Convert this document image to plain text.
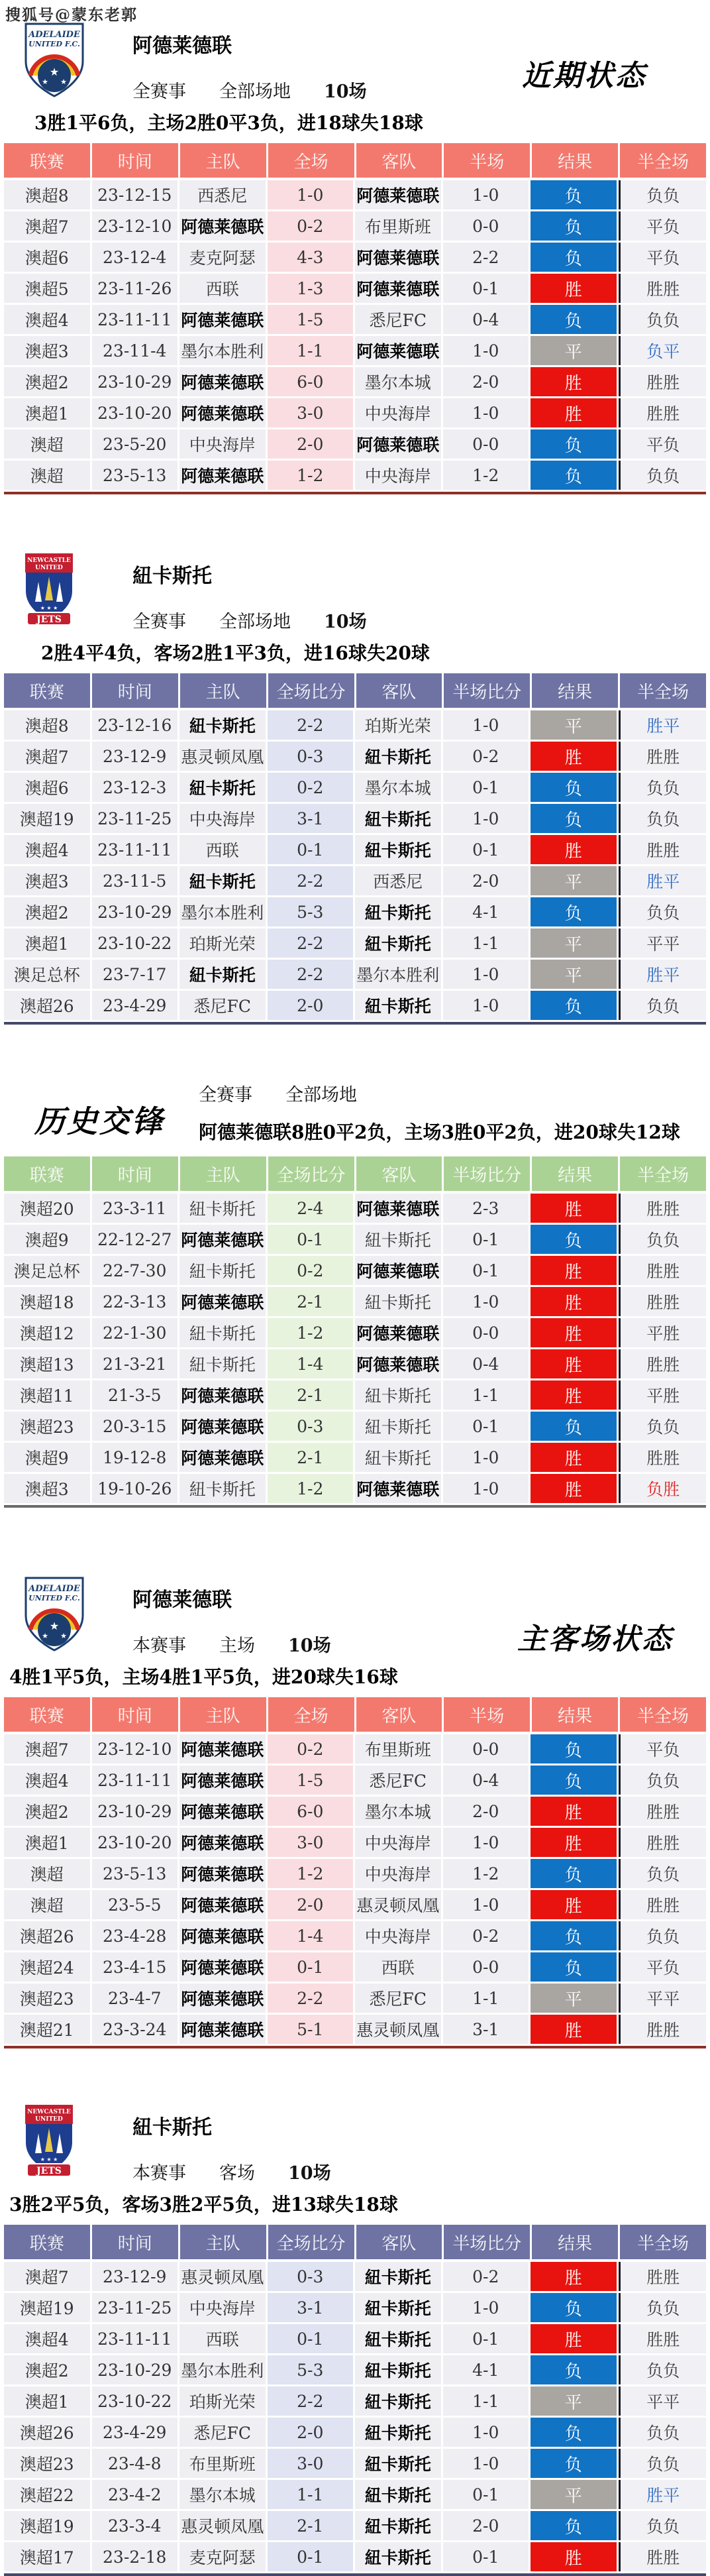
搜狐号@蒙东老郭
ADELAIDE
UNITED F.C.
★
★ ★
阿德莱德联
全赛事 全部场地 10场	近期状态
3胜1平6负，主场2胜0平3负，进18球失18球
联赛	时间	主队	全场	客队	半场	结果	半全场
澳超8	23-12-15	西悉尼	1-0	阿德莱德联	1-0	负	负负
澳超7	23-12-10 阿德莱德联	0-2	布里斯班	0-0	负	平负
澳超6	23-12-4	麦克阿瑟	4-3	阿德莱德联	2-2	负	平负
澳超5	23-11-26	西联	1-3	阿德莱德联	0-1	胜	胜胜
澳超4	23-11-11 阿德莱德联	1-5	悉尼FC	0-4	负	负负
澳超3	23-11-4 墨尔本胜利	1-1	阿德莱德联	1-0	平	负平
澳超2	23-10-29 阿德莱德联	6-0	墨尔本城	2-0	胜	胜胜
澳超1	23-10-20 阿德莱德联	3-0	中央海岸	1-0	胜	胜胜
澳超	23-5-20	中央海岸	2-0	阿德莱德联	0-0	负	平负
澳超	23-5-13 阿德莱德联	1-2	中央海岸	1-2	负	负负
NEWCASTLE
UNITED
★ ★ ★
JETS
紐卡斯托
全赛事 全部场地 10场
2胜4平4负，客场2胜1平3负，进16球失20球
联赛	时间	主队	全场比分	客队	半场比分	结果	半全场
澳超8	23-12-16	紐卡斯托	2-2	珀斯光荣	1-0	平	胜平
澳超7	23-12-9 惠灵顿凤凰	0-3	紐卡斯托	0-2	胜	胜胜
澳超6	23-12-3	紐卡斯托	0-2	墨尔本城	0-1	负	负负
澳超19	23-11-25	中央海岸	3-1	紐卡斯托	1-0	负	负负
澳超4	23-11-11	西联	0-1	紐卡斯托	0-1	胜	胜胜
澳超3	23-11-5	紐卡斯托	2-2	西悉尼	2-0	平	胜平
澳超2	23-10-29 墨尔本胜利	5-3	紐卡斯托	4-1	负	负负
澳超1	23-10-22	珀斯光荣	2-2	紐卡斯托	1-1	平	平平
澳足总杯	23-7-17	紐卡斯托	2-2	墨尔本胜利	1-0	平	胜平
澳超26	23-4-29	悉尼FC	2-0	紐卡斯托	1-0	负	负负
历史交锋
全赛事 全部场地
阿德莱德联8胜0平2负，主场3胜0平2负，进20球失12球
联赛	时间	主队	全场比分	客队	半场比分	结果	半全场
澳超20	23-3-11	紐卡斯托	2-4	阿德莱德联	2-3	胜	胜胜
澳超9	22-12-27 阿德莱德联	0-1	紐卡斯托	0-1	负	负负
澳足总杯	22-7-30	紐卡斯托	0-2	阿德莱德联	0-1	胜	胜胜
澳超18	22-3-13 阿德莱德联	2-1	紐卡斯托	1-0	胜	胜胜
澳超12	22-1-30	紐卡斯托	1-2	阿德莱德联	0-0	胜	平胜
澳超13	21-3-21	紐卡斯托	1-4	阿德莱德联	0-4	胜	胜胜
澳超11	21-3-5	阿德莱德联	2-1	紐卡斯托	1-1	胜	平胜
澳超23	20-3-15 阿德莱德联	0-3	紐卡斯托	0-1	负	负负
澳超9	19-12-8 阿德莱德联	2-1	紐卡斯托	1-0	胜	胜胜
澳超3	19-10-26	紐卡斯托	1-2	阿德莱德联	1-0	胜	负胜
ADELAIDE
UNITED F.C.
★
★ ★
阿德莱德联
本赛事 主场 10场	主客场状态
4胜1平5负，主场4胜1平5负，进20球失16球
联赛	时间	主队	全场	客队	半场	结果	半全场
澳超7	23-12-10 阿德莱德联	0-2	布里斯班	0-0	负	平负
澳超4	23-11-11 阿德莱德联	1-5	悉尼FC	0-4	负	负负
澳超2	23-10-29 阿德莱德联	6-0	墨尔本城	2-0	胜	胜胜
澳超1	23-10-20 阿德莱德联	3-0	中央海岸	1-0	胜	胜胜
澳超	23-5-13 阿德莱德联	1-2	中央海岸	1-2	负	负负
澳超	23-5-5	阿德莱德联	2-0	惠灵顿凤凰	1-0	胜	胜胜
澳超26	23-4-28 阿德莱德联	1-4	中央海岸	0-2	负	负负
澳超24	23-4-15 阿德莱德联	0-1	西联	0-0	负	平负
澳超23	23-4-7	阿德莱德联	2-2	悉尼FC	1-1	平	平平
澳超21	23-3-24 阿德莱德联	5-1	惠灵顿凤凰	3-1	胜	胜胜
NEWCASTLE
UNITED
★ ★ ★
JETS
紐卡斯托
本赛事 客场 10场
3胜2平5负，客场3胜2平5负，进13球失18球
联赛	时间	主队	全场比分	客队	半场比分	结果	半全场
澳超7	23-12-9 惠灵顿凤凰	0-3	紐卡斯托	0-2	胜	胜胜
澳超19	23-11-25	中央海岸	3-1	紐卡斯托	1-0	负	负负
澳超4	23-11-11	西联	0-1	紐卡斯托	0-1	胜	胜胜
澳超2	23-10-29 墨尔本胜利	5-3	紐卡斯托	4-1	负	负负
澳超1	23-10-22	珀斯光荣	2-2	紐卡斯托	1-1	平	平平
澳超26	23-4-29	悉尼FC	2-0	紐卡斯托	1-0	负	负负
澳超23	23-4-8	布里斯班	3-0	紐卡斯托	1-0	负	负负
澳超22	23-4-2	墨尔本城	1-1	紐卡斯托	0-1	平	胜平
澳超19	23-3-4	惠灵顿凤凰	2-1	紐卡斯托	2-0	负	负负
澳超17	23-2-18	麦克阿瑟	0-1	紐卡斯托	0-1	胜	胜胜
